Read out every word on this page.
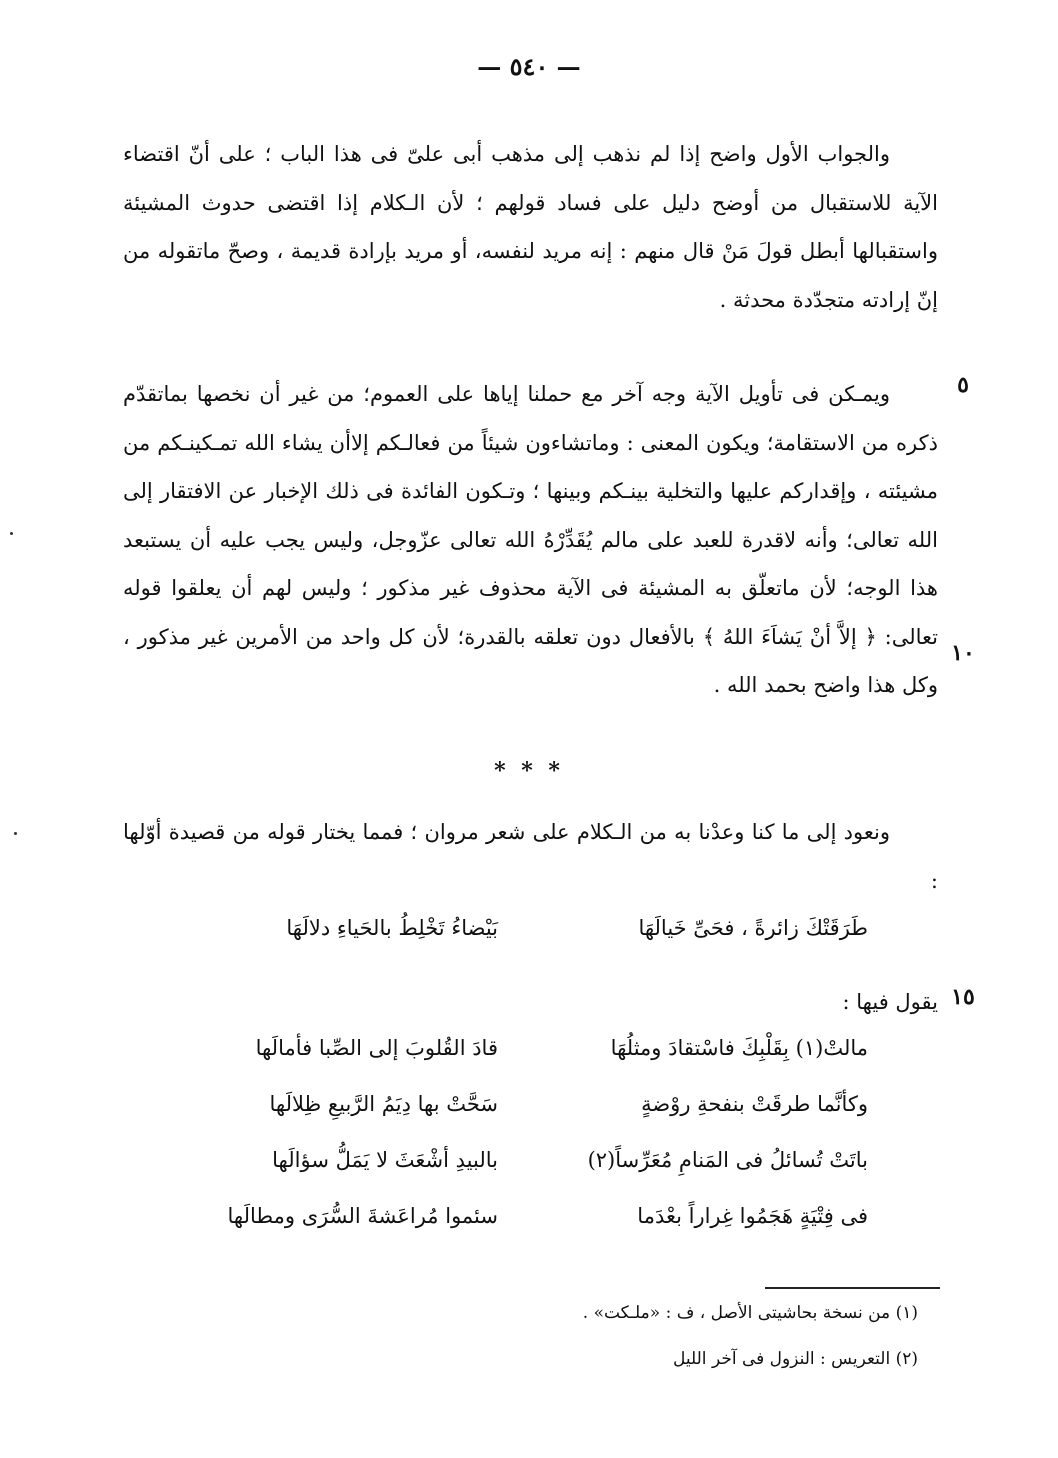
— ٥٤٠ —

والجواب الأول واضح إذا لم نذهب إلى مذهب أبى علىّ فى هذا الباب ؛ على أنّ اقتضاء الآية للاستقبال من أوضح دليل على فساد قولهم ؛ لأن الـكلام إذا اقتضى حدوث المشيئة واستقبالها أبطل قولَ مَنْ قال منهم : إنه مريد لنفسه، أو مريد بإرادة قديمة ، وصحّ ماتقوله من إنّ إرادته متجدّدة محدثة .

ويمـكن فى تأويل الآية وجه آخر مع حملنا إياها على العموم؛ من غير أن نخصها بماتقدّم ذكره من الاستقامة؛ ويكون المعنى : وماتشاءون شيئاً من فعالـكم إلاأن يشاء الله تمـكينـكم من مشيئته ، وإقداركم عليها والتخلية بينـكم وبينها ؛ وتـكون الفائدة فى ذلك الإخبار عن الافتقار إلى الله تعالى؛ وأنه لاقدرة للعبد على مالم يُقَدِّرْهُ الله تعالى عزّوجل، وليس يجب عليه أن يستبعد هذا الوجه؛ لأن ماتعلّق به المشيئة فى الآية محذوف غير مذكور ؛ وليس لهم أن يعلقوا قوله تعالى: ﴿ إلاَّ أنْ يَشاَءَ اللهُ ﴾ بالأفعال دون تعلقه بالقدرة؛ لأن كل واحد من الأمرين غير مذكور ، وكل هذا واضح بحمد الله .

٥
١٠
* * *

ونعود إلى ما كنا وعدْنا به من الـكلام على شعر مروان ؛ فمما يختار قوله من قصيدة أوّلها :

طَرَقَتْكَ زائرةً ، فحَىِّ خَيالَهَا
بَيْضاءُ تَخْلِطُ بالحَياءِ دلالَهَا
١٥

يقول فيها :

مالتْ(١) بِقَلْبِكَ فاسْتقادَ ومثلُهَا
قادَ القُلوبَ إلى الصِّبا فأمالَها
وكأنَّما طرقَتْ بنفحةِ روْضةٍ
سَحَّتْ بها دِيَمُ الرَّبيعِ ظِلالَها
باتَتْ تُسائلُ فى المَنامِ مُعَرِّساً(٢)
بالبيدِ أشْعَثَ لا يَمَلُّ سؤالَها
فى فِتْيَةٍ هَجَمُوا غِراراً بعْدَما
سئموا مُراعَشةَ السُّرَى ومطالَها
(١) من نسخة بحاشيتى الأصل ، ف : «ملـكت» .
(٢) التعريس : النزول فى آخر الليل
